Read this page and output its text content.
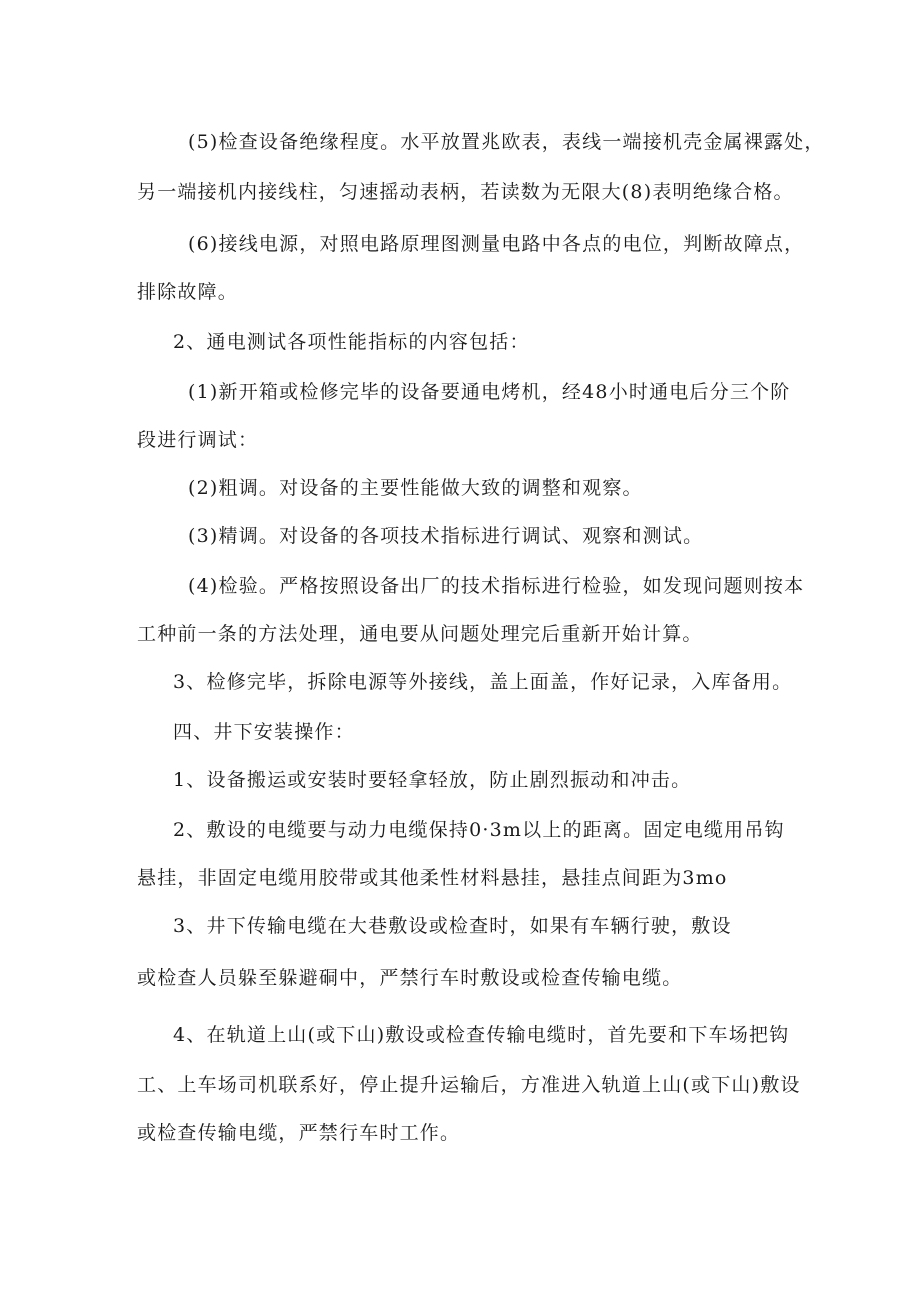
(5)检查设备绝缘程度。水平放置兆欧表，表线一端接机壳金属裸露处，
另一端接机内接线柱，匀速摇动表柄，若读数为无限大(8)表明绝缘合格。
(6)接线电源，对照电路原理图测量电路中各点的电位，判断故障点，
排除故障。
2、通电测试各项性能指标的内容包括：
(1)新开箱或检修完毕的设备要通电烤机，经48小时通电后分三个阶
段进行调试：
(2)粗调。对设备的主要性能做大致的调整和观察。
(3)精调。对设备的各项技术指标进行调试、观察和测试。
(4)检验。严格按照设备出厂的技术指标进行检验，如发现问题则按本
工种前一条的方法处理，通电要从问题处理完后重新开始计算。
3、检修完毕，拆除电源等外接线，盖上面盖，作好记录，入库备用。
四、井下安装操作：
1、设备搬运或安装时要轻拿轻放，防止剧烈振动和冲击。
2、敷设的电缆要与动力电缆保持0·3m以上的距离。固定电缆用吊钩
悬挂，非固定电缆用胶带或其他柔性材料悬挂，悬挂点间距为3mo
3、井下传输电缆在大巷敷设或检查时，如果有车辆行驶，敷设
或检查人员躲至躲避硐中，严禁行车时敷设或检查传输电缆。
4、在轨道上山(或下山)敷设或检查传输电缆时，首先要和下车场把钩
工、上车场司机联系好，停止提升运输后，方准进入轨道上山(或下山)敷设
或检查传输电缆，严禁行车时工作。
